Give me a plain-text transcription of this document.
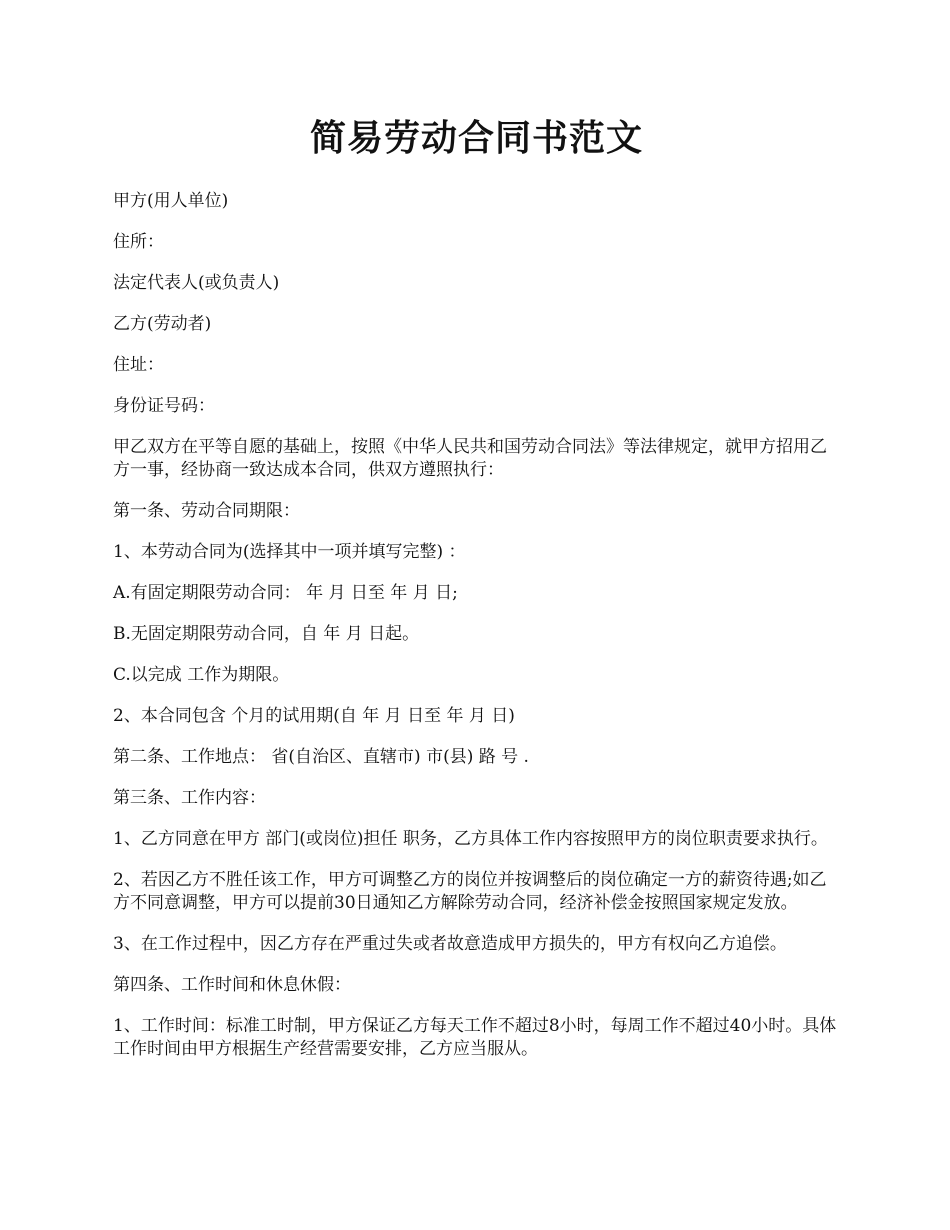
简易劳动合同书范文

甲方(用人单位)

住所：

法定代表人(或负责人)

乙方(劳动者)

住址：

身份证号码：

甲乙双方在平等自愿的基础上，按照《中华人民共和国劳动合同法》等法律规定，就甲方招用乙方一事，经协商一致达成本合同，供双方遵照执行：

第一条、劳动合同期限：

1、本劳动合同为(选择其中一项并填写完整) ：

A.有固定期限劳动合同： 年 月 日至 年 月 日;

B.无固定期限劳动合同，自 年 月 日起。

C.以完成 工作为期限。

2、本合同包含 个月的试用期(自 年 月 日至 年 月 日)

第二条、工作地点： 省(自治区、直辖市) 市(县) 路 号 .

第三条、工作内容：

1、乙方同意在甲方 部门(或岗位)担任 职务，乙方具体工作内容按照甲方的岗位职责要求执行。

2、若因乙方不胜任该工作，甲方可调整乙方的岗位并按调整后的岗位确定一方的薪资待遇;如乙方不同意调整，甲方可以提前30日通知乙方解除劳动合同，经济补偿金按照国家规定发放。

3、在工作过程中，因乙方存在严重过失或者故意造成甲方损失的，甲方有权向乙方追偿。

第四条、工作时间和休息休假：

1、工作时间：标准工时制，甲方保证乙方每天工作不超过8小时，每周工作不超过40小时。具体工作时间由甲方根据生产经营需要安排，乙方应当服从。
